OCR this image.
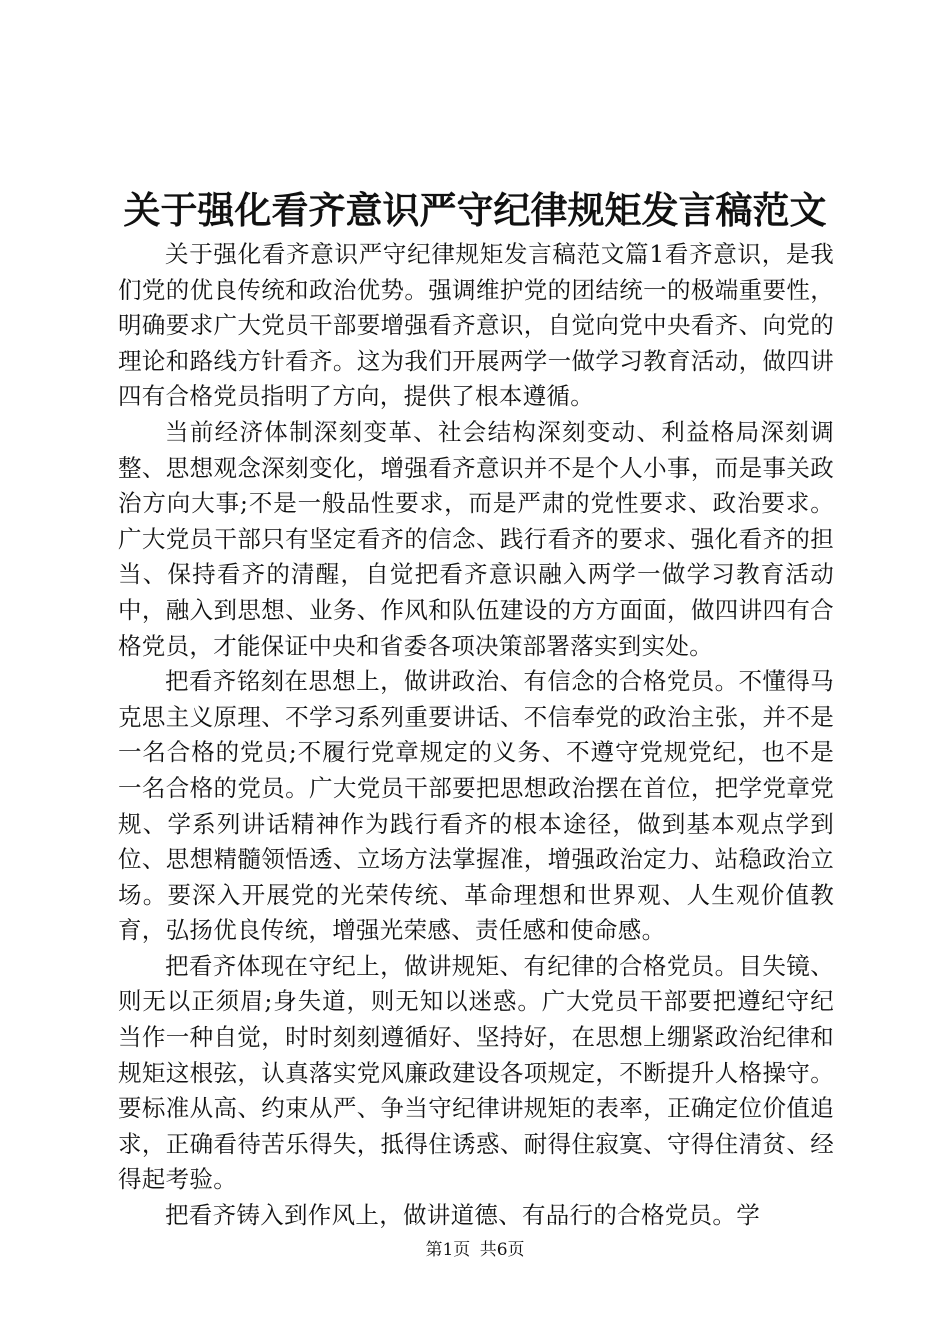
关于强化看齐意识严守纪律规矩发言稿范文

关于强化看齐意识严守纪律规矩发言稿范文篇1看齐意识，是我们党的优良传统和政治优势。强调维护党的团结统一的极端重要性，明确要求广大党员干部要增强看齐意识，自觉向党中央看齐、向党的理论和路线方针看齐。这为我们开展两学一做学习教育活动，做四讲四有合格党员指明了方向，提供了根本遵循。

当前经济体制深刻变革、社会结构深刻变动、利益格局深刻调整、思想观念深刻变化，增强看齐意识并不是个人小事，而是事关政治方向大事;不是一般品性要求，而是严肃的党性要求、政治要求。广大党员干部只有坚定看齐的信念、践行看齐的要求、强化看齐的担当、保持看齐的清醒，自觉把看齐意识融入两学一做学习教育活动中，融入到思想、业务、作风和队伍建设的方方面面，做四讲四有合格党员，才能保证中央和省委各项决策部署落实到实处。

把看齐铭刻在思想上，做讲政治、有信念的合格党员。不懂得马克思主义原理、不学习系列重要讲话、不信奉党的政治主张，并不是一名合格的党员;不履行党章规定的义务、不遵守党规党纪，也不是一名合格的党员。广大党员干部要把思想政治摆在首位，把学党章党规、学系列讲话精神作为践行看齐的根本途径，做到基本观点学到位、思想精髓领悟透、立场方法掌握准，增强政治定力、站稳政治立场。要深入开展党的光荣传统、革命理想和世界观、人生观价值教育，弘扬优良传统，增强光荣感、责任感和使命感。

把看齐体现在守纪上，做讲规矩、有纪律的合格党员。目失镜、则无以正须眉;身失道，则无知以迷惑。广大党员干部要把遵纪守纪当作一种自觉，时时刻刻遵循好、坚持好，在思想上绷紧政治纪律和规矩这根弦，认真落实党风廉政建设各项规定，不断提升人格操守。要标准从高、约束从严、争当守纪律讲规矩的表率，正确定位价值追求，正确看待苦乐得失，抵得住诱惑、耐得住寂寞、守得住清贫、经得起考验。

把看齐铸入到作风上，做讲道德、有品行的合格党员。学

第1页 共6页
